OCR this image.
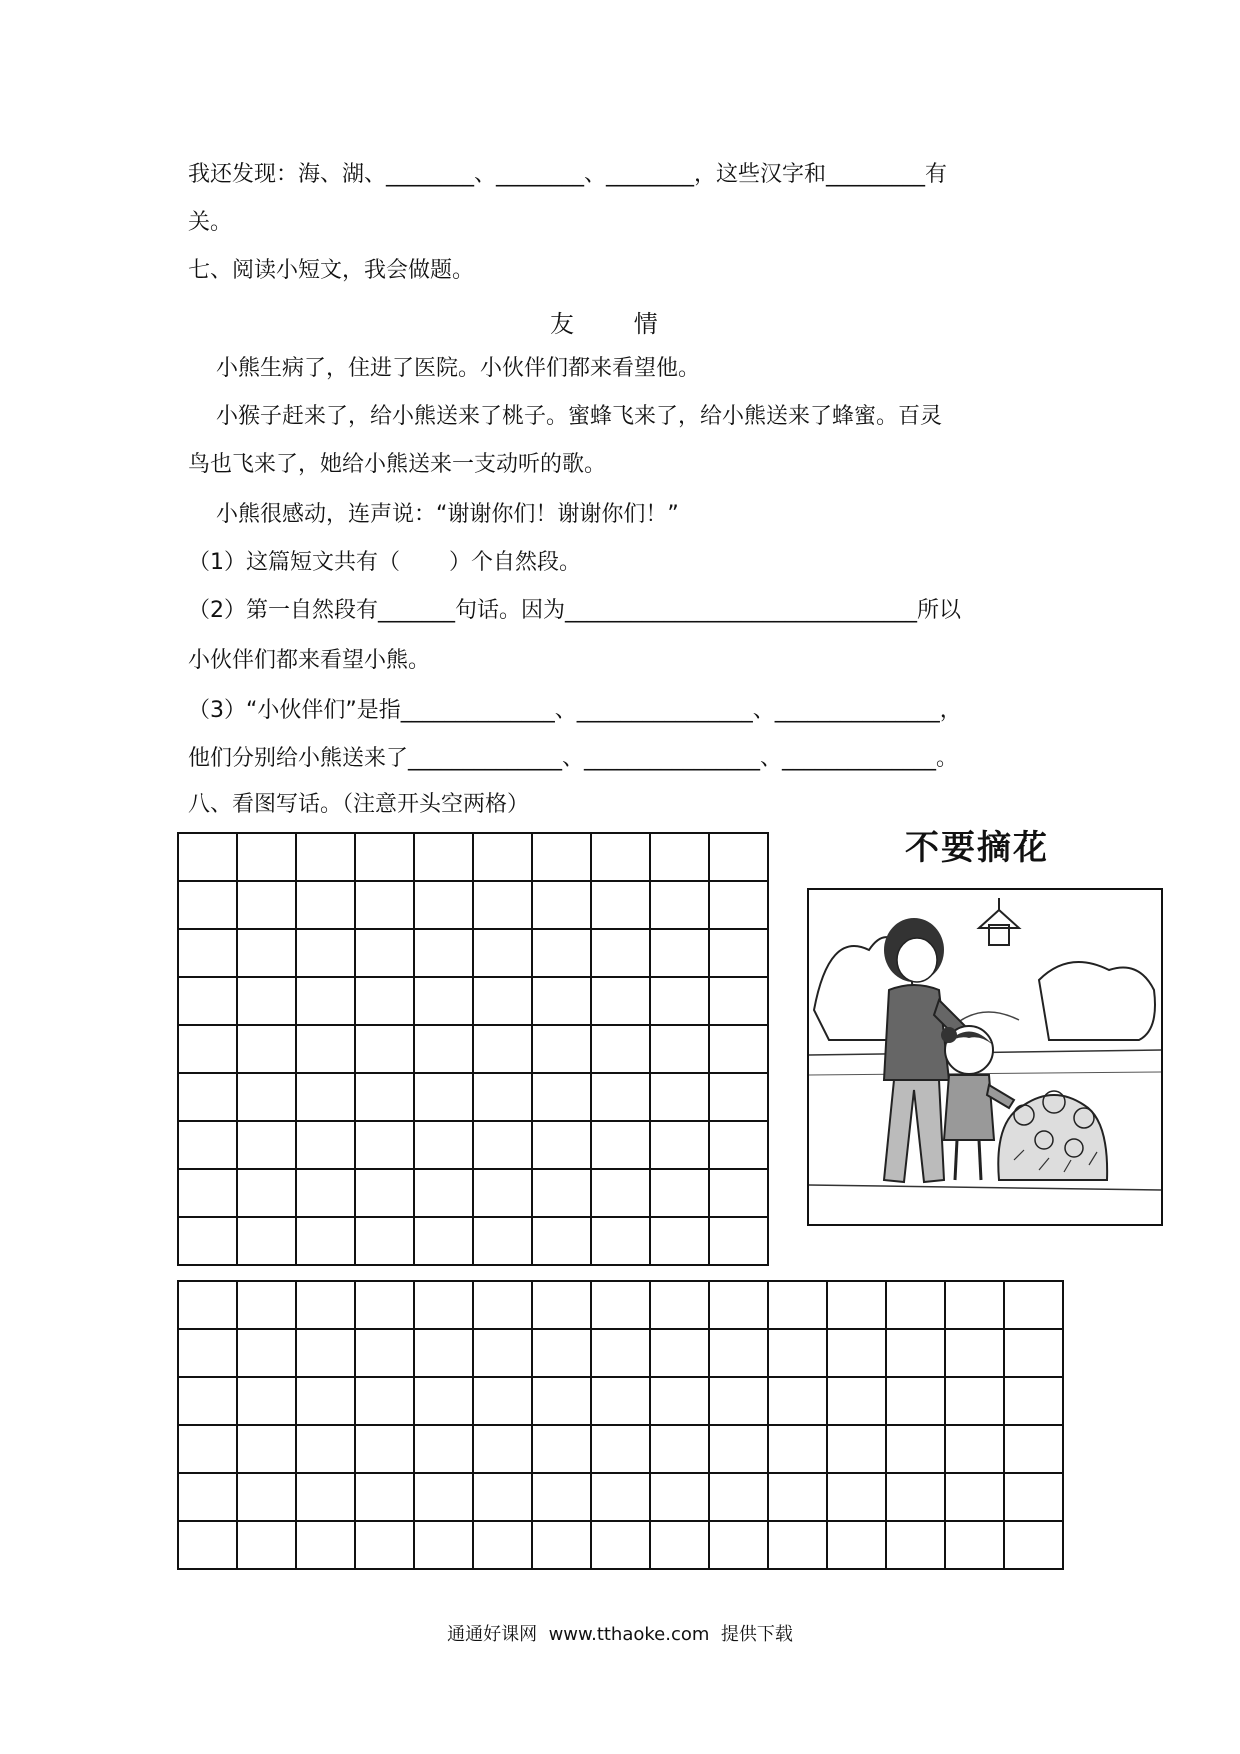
我还发现：海、湖、________、________、________，这些汉字和_________有
关。
七、阅读小短文，我会做题。
友      情
小熊生病了，住进了医院。小伙伴们都来看望他。
小猴子赶来了，给小熊送来了桃子。蜜蜂飞来了，给小熊送来了蜂蜜。百灵
鸟也飞来了，她给小熊送来一支动听的歌。
小熊很感动，连声说：“谢谢你们！谢谢你们！”
（1）这篇短文共有（       ）个自然段。
（2）第一自然段有_______句话。因为________________________________所以
小伙伴们都来看望小熊。
（3）“小伙伴们”是指______________、________________、_______________，
他们分别给小熊送来了______________、________________、______________。
八、看图写话。（注意开头空两格）

不要摘花
通通好课网  www.tthaoke.com  提供下载
